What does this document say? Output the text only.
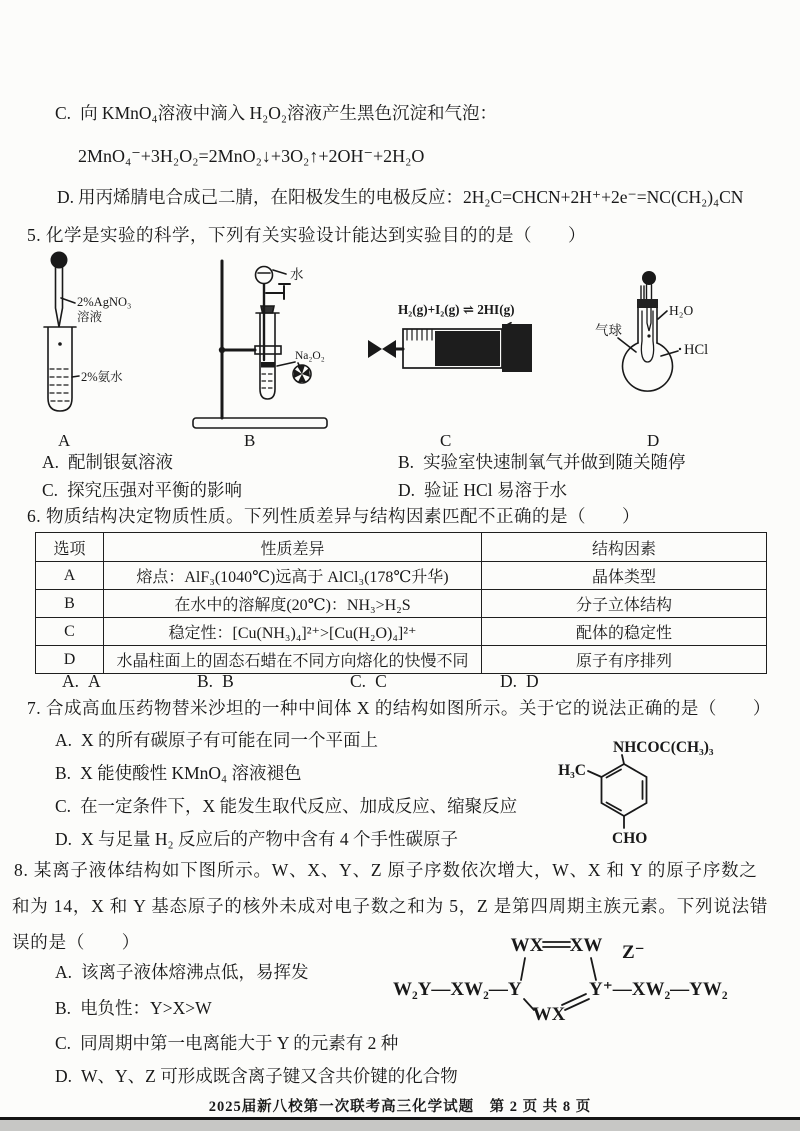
C. 向 KMnO₄溶液中滴入 H₂O₂溶液产生黑色沉淀和气泡：
2MnO₄⁻+3H₂O₂=2MnO₂↓+3O₂↑+2OH⁻+2H₂O
D. 用丙烯腈电合成己二腈，在阳极发生的电极反应：2H₂C=CHCN+2H⁺+2e⁻=NC(CH₂)₄CN
5. 化学是实验的科学，下列有关实验设计能达到实验目的的是（　　）
2%AgNO₃
溶液
2%氨水
水
Na₂O₂
H₂(g)+I₂(g) ⇌ 2HI(g)	H₂O
气球
HCl
A	B	C	D
A. 配制银氨溶液	B. 实验室快速制氧气并做到随关随停
C. 探究压强对平衡的影响	D. 验证 HCl 易溶于水
6. 物质结构决定物质性质。下列性质差异与结构因素匹配不正确的是（　　）
选项	性质差异	结构因素
A	熔点：AlF₃(1040℃)远高于 AlCl₃(178℃升华)	晶体类型
B	在水中的溶解度(20℃)：NH₃>H₂S	分子立体结构
C	稳定性：[Cu(NH₃)₄]²⁺>[Cu(H₂O)₄]²⁺	配体的稳定性
D	水晶柱面上的固态石蜡在不同方向熔化的快慢不同	原子有序排列
A. A	B. B	C. C	D. D
7. 合成高血压药物替米沙坦的一种中间体 X 的结构如图所示。关于它的说法正确的是（　　）
A. X 的所有碳原子有可能在同一个平面上
B. X 能使酸性 KMnO₄ 溶液褪色
C. 在一定条件下，X 能发生取代反应、加成反应、缩聚反应
D. X 与足量 H₂ 反应后的产物中含有 4 个手性碳原子
NHCOC(CH₃)₃
H₃C
CHO
8. 某离子液体结构如下图所示。W、X、Y、Z 原子序数依次增大，W、X 和 Y 的原子序数之
和为 14，X 和 Y 基态原子的核外未成对电子数之和为 5，Z 是第四周期主族元素。下列说法错
误的是（　　）	WX XW Z⁻
W₂Y—XW₂—Y	Y⁺—XW₂—YW₂
WX
A. 该离子液体熔沸点低，易挥发
B. 电负性：Y>X>W
C. 同周期中第一电离能大于 Y 的元素有 2 种
D. W、Y、Z 可形成既含离子键又含共价键的化合物
2025届新八校第一次联考高三化学试题　第 2 页 共 8 页
